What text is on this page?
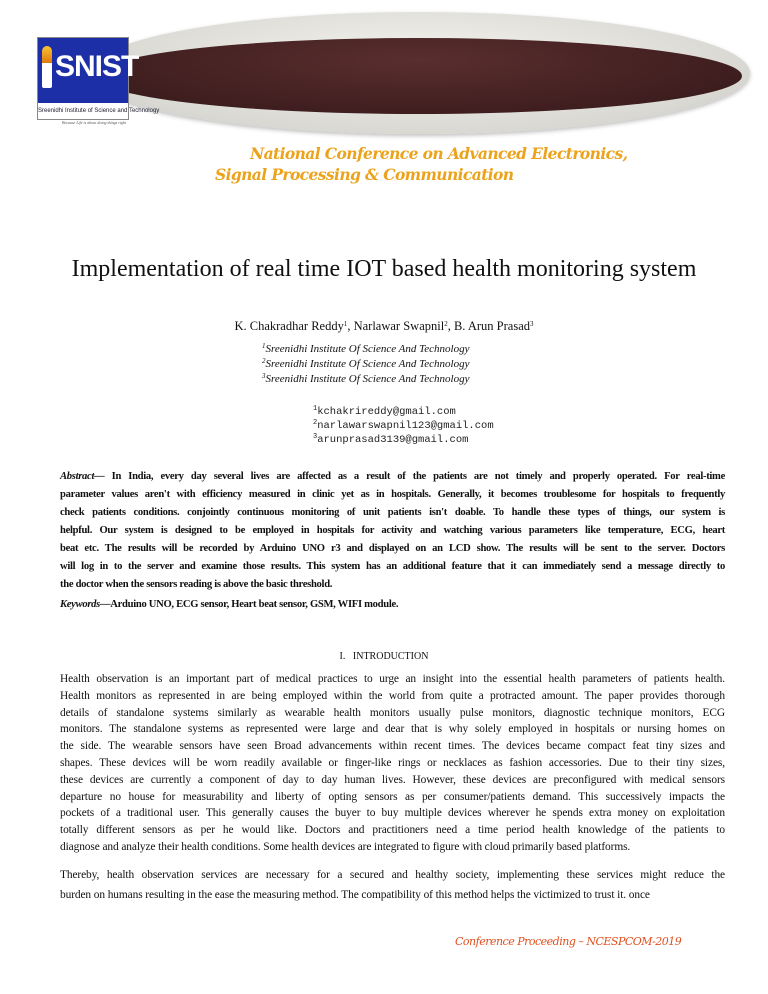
SNIST
Sreenidhi Institute of Science and Technology
Because Life is about doing things right
National Conference on Advanced Electronics,
Signal Processing & Communication
Implementation of real time IOT based health monitoring system
K. Chakradhar Reddy$^1$, Narlawar Swapnil$^2$, B. Arun Prasad$^3$
$^1$Sreenidhi Institute Of Science And Technology
$^2$Sreenidhi Institute Of Science And Technology
$^3$Sreenidhi Institute Of Science And Technology
$^1$kchakrireddy@gmail.com
$^2$narlawarswapnil123@gmail.com
$^3$arunprasad3139@gmail.com
Abstract— In India, every day several lives are affected as a result of the patients are not timely and properly operated. For real-time
parameter values aren't with efficiency measured in clinic yet as in hospitals. Generally, it becomes troublesome for hospitals to frequently
check patients conditions. conjointly continuous monitoring of unit patients isn't doable. To handle these types of things, our system is
helpful. Our system is designed to be employed in hospitals for activity and watching various parameters like temperature, ECG, heart
beat etc. The results will be recorded by Arduino UNO r3 and displayed on an LCD show. The results will be sent to the server. Doctors
will log in to the server and examine those results. This system has an additional feature that it can immediately send a message directly to
the doctor when the sensors reading is above the basic threshold.
Keywords—Arduino UNO, ECG sensor, Heart beat sensor, GSM, WIFI module.
I. INTRODUCTION
Health observation is an important part of medical practices to urge an insight into the essential health parameters of patients health.
Health monitors as represented in are being employed within the world from quite a protracted amount. The paper provides thorough
details of standalone systems similarly as wearable health monitors usually pulse monitors, diagnostic technique monitors, ECG
monitors. The standalone systems as represented were large and dear that is why solely employed in hospitals or nursing homes on
the side. The wearable sensors have seen Broad advancements within recent times. The devices became compact feat tiny sizes and
shapes. These devices will be worn readily available or finger-like rings or necklaces as fashion accessories. Due to their tiny sizes,
these devices are currently a component of day to day human lives. However, these devices are preconfigured with medical sensors
departure no house for measurability and liberty of opting sensors as per consumer/patients demand. This successively impacts the
pockets of a traditional user. This generally causes the buyer to buy multiple devices wherever he spends extra money on exploitation
totally different sensors as per he would like. Doctors and practitioners need a time period health knowledge of the patients to
diagnose and analyze their health conditions. Some health devices are integrated to figure with cloud primarily based platforms.
Thereby, health observation services are necessary for a secured and healthy society, implementing these services might reduce the
burden on humans resulting in the ease the measuring method. The compatibility of this method helps the victimized to trust it. once
Conference Proceeding – NCESPCOM-2019
